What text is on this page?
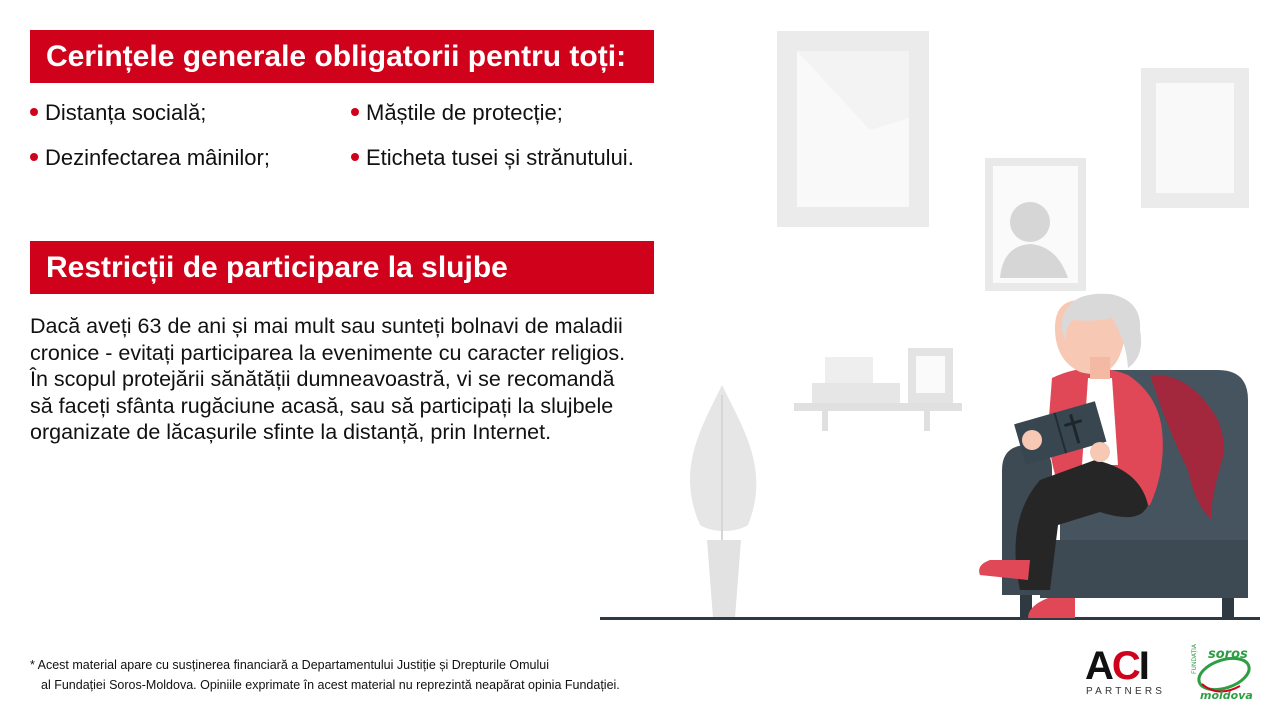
Cerințele generale obligatorii pentru toți:
Distanța socială;	Măștile de protecție;
Dezinfectarea mâinilor;	Eticheta tusei și strănutului.
Restricții de participare la slujbe
Dacă aveți 63 de ani și mai mult sau sunteți bolnavi de maladii
cronice - evitați participarea la evenimente cu caracter religios.
În scopul protejării sănătății dumneavoastră, vi se recomandă
să faceți sfânta rugăciune acasă, sau să participați la slujbele
organizate de lăcașurile sfinte la distanță, prin Internet.
* Acest material apare cu susținerea financiară a Departamentului Justiție și Drepturile Omului
al Fundației Soros-Moldova. Opiniile exprimate în acest material nu reprezintă neapărat opinia Fundației.	ACI
PARTNERS
FUNDAȚIA soros
moldova
